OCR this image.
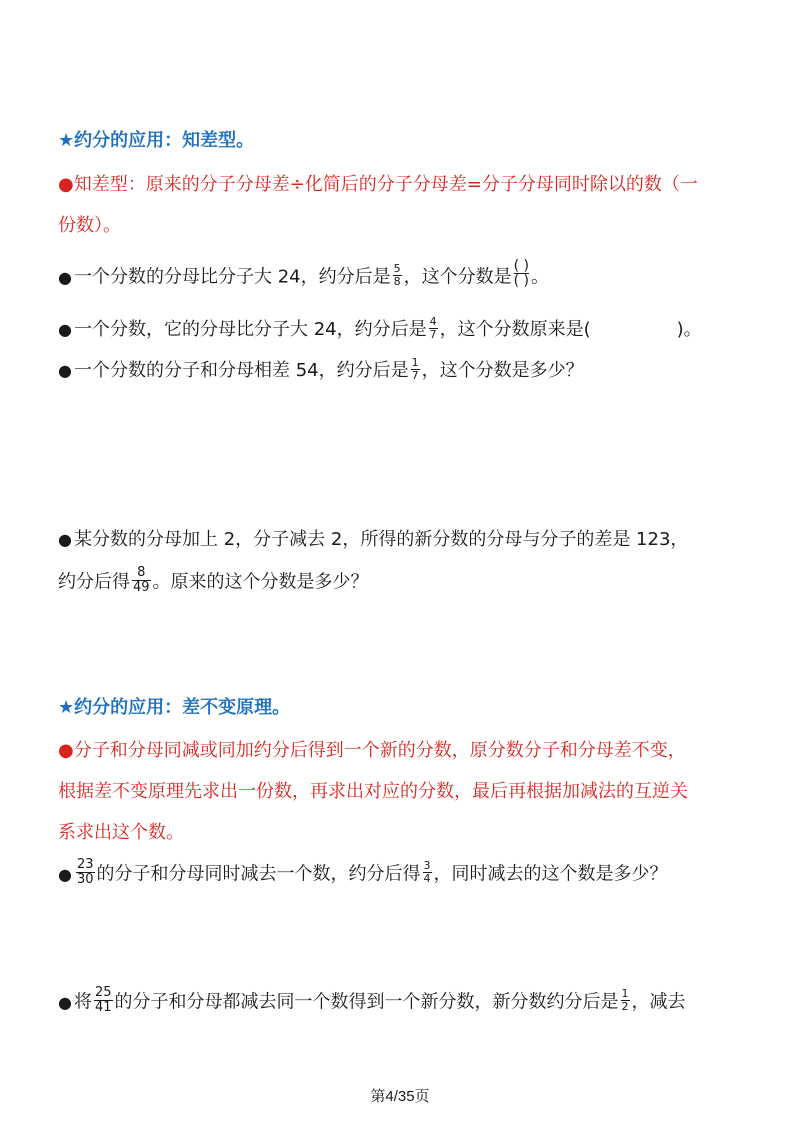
★约分的应用：知差型。
●知差型：原来的分子分母差÷化简后的分子分母差=分子分母同时除以的数（一
份数）。
● 一个分数的分母比分子大 24，约分后是 $\frac{5}{8}$ ，这个分数是 $\frac{( )}{( )}$ 。
● 一个分数，它的分母比分子大 24，约分后是 $\frac{4}{7}$ ，这个分数原来是(	)。
● 一个分数的分子和分母相差 54，约分后是 $\frac{1}{7}$ ，这个分数是多少？
● 某分数的分母加上 2，分子减去 2，所得的新分数的分母与分子的差是 123，
约分后得 $\frac{8}{49}$ 。原来的这个分数是多少？
★约分的应用：差不变原理。
●分子和分母同减或同加约分后得到一个新的分数，原分数分子和分母差不变，
根据差不变原理先求出一份数，再求出对应的分数，最后再根据加减法的互逆关
系求出这个数。
● $\frac{23}{30}$ 的分子和分母同时减去一个数，约分后得 $\frac{3}{4}$ ，同时减去的这个数是多少？
● 将 $\frac{25}{41}$ 的分子和分母都减去同一个数得到一个新分数，新分数约分后是 $\frac{1}{2}$ ，减去
第4/35页
